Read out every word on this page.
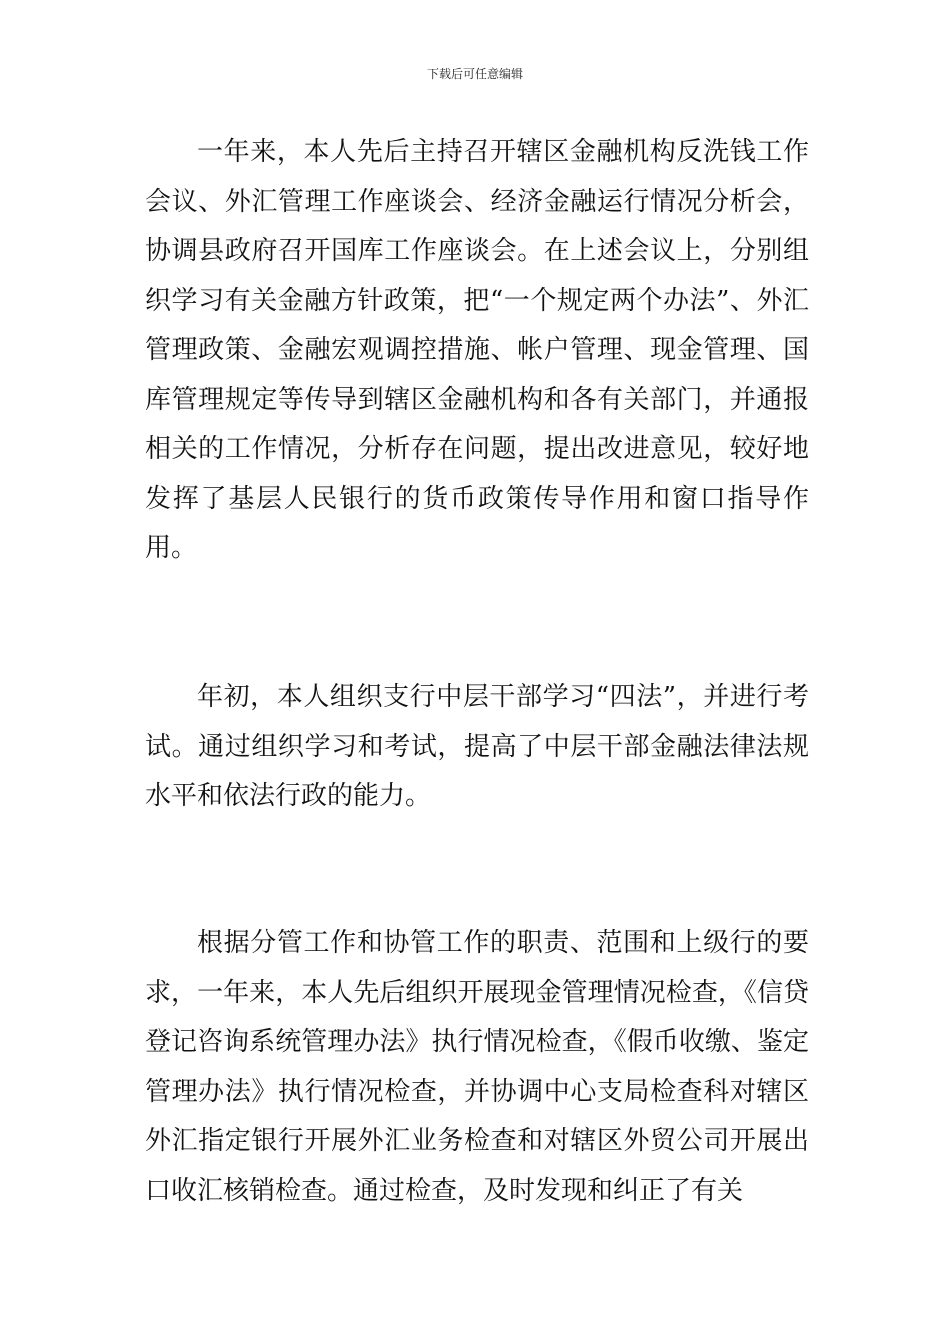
下载后可任意编辑

一年来，本人先后主持召开辖区金融机构反洗钱工作会议、外汇管理工作座谈会、经济金融运行情况分析会，协调县政府召开国库工作座谈会。在上述会议上，分别组织学习有关金融方针政策，把“一个规定两个办法”、外汇管理政策、金融宏观调控措施、帐户管理、现金管理、国库管理规定等传导到辖区金融机构和各有关部门，并通报相关的工作情况，分析存在问题，提出改进意见，较好地发挥了基层人民银行的货币政策传导作用和窗口指导作用。

年初，本人组织支行中层干部学习“四法”，并进行考试。通过组织学习和考试，提高了中层干部金融法律法规水平和依法行政的能力。

根据分管工作和协管工作的职责、范围和上级行的要求，一年来，本人先后组织开展现金管理情况检查，《信贷登记咨询系统管理办法》执行情况检查，《假币收缴、鉴定管理办法》执行情况检查，并协调中心支局检查科对辖区外汇指定银行开展外汇业务检查和对辖区外贸公司开展出口收汇核销检查。通过检查，及时发现和纠正了有关
